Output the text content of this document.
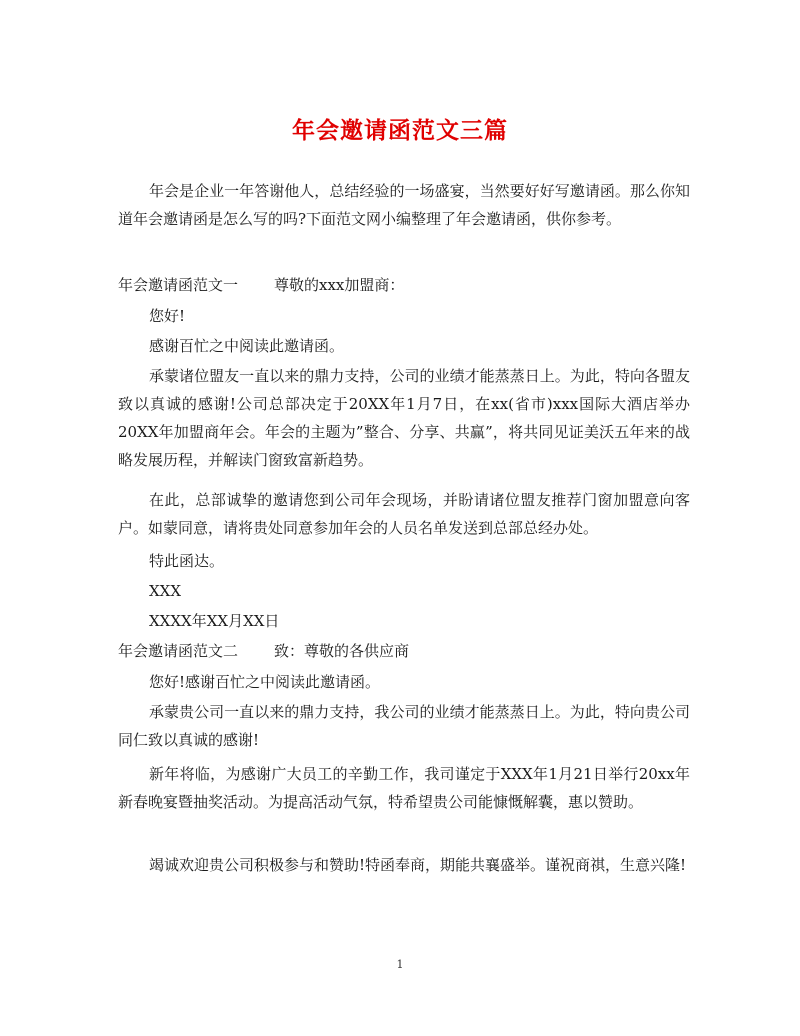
年会邀请函范文三篇

年会是企业一年答谢他人，总结经验的一场盛宴，当然要好好写邀请函。那么你知道年会邀请函是怎么写的吗?下面范文网小编整理了年会邀请函，供你参考。

年会邀请函范文一 尊敬的xxx加盟商：

您好!

感谢百忙之中阅读此邀请函。

承蒙诸位盟友一直以来的鼎力支持，公司的业绩才能蒸蒸日上。为此，特向各盟友致以真诚的感谢!公司总部决定于20XX年1月7日，在xx(省市)xxx国际大酒店举办20XX年加盟商年会。年会的主题为”整合、分享、共赢”，将共同见证美沃五年来的战略发展历程，并解读门窗致富新趋势。

在此，总部诚挚的邀请您到公司年会现场，并盼请诸位盟友推荐门窗加盟意向客户。如蒙同意，请将贵处同意参加年会的人员名单发送到总部总经办处。

特此函达。

XXX

XXXX年XX月XX日

年会邀请函范文二 致：尊敬的各供应商

您好!感谢百忙之中阅读此邀请函。

承蒙贵公司一直以来的鼎力支持，我公司的业绩才能蒸蒸日上。为此，特向贵公司同仁致以真诚的感谢!

新年将临，为感谢广大员工的辛勤工作，我司谨定于XXX年1月21日举行20xx年新春晚宴暨抽奖活动。为提高活动气氛，特希望贵公司能慷慨解囊，惠以赞助。

竭诚欢迎贵公司积极参与和赞助!特函奉商，期能共襄盛举。谨祝商祺，生意兴隆!

1
